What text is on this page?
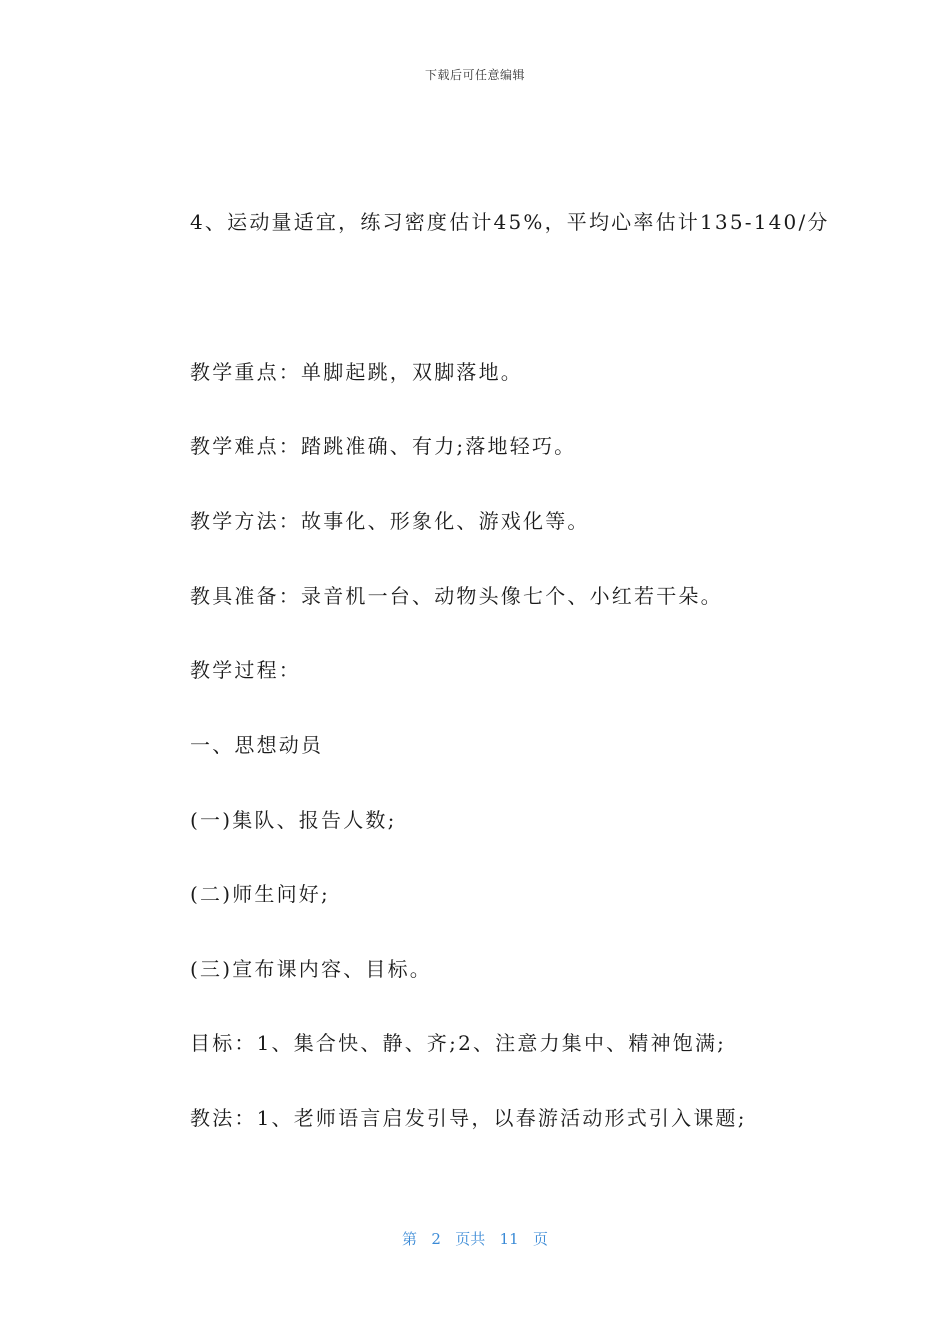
下载后可任意编辑
4、运动量适宜，练习密度估计45%，平均心率估计135-140/分
教学重点：单脚起跳，双脚落地。
教学难点：踏跳准确、有力;落地轻巧。
教学方法：故事化、形象化、游戏化等。
教具准备：录音机一台、动物头像七个、小红若干朵。
教学过程：
一、思想动员
(一)集队、报告人数;
(二)师生问好;
(三)宣布课内容、目标。
目标：1、集合快、静、齐;2、注意力集中、精神饱满;
教法：1、老师语言启发引导，以春游活动形式引入课题;
第 2 页共 11 页
